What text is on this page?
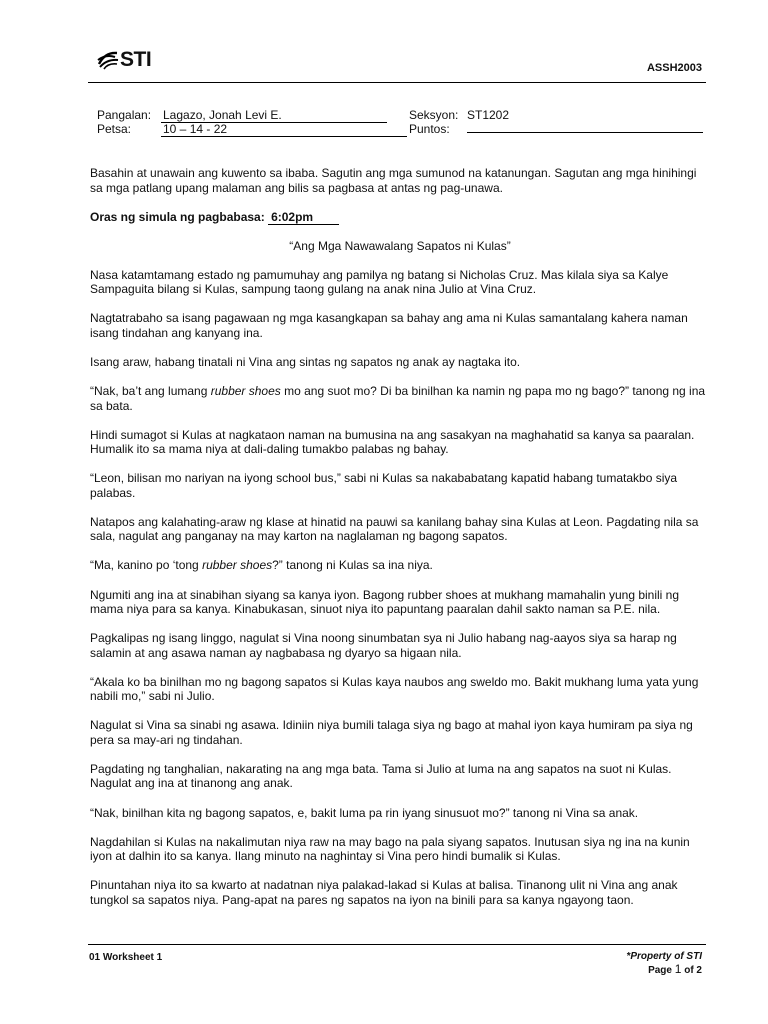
STI	ASSH2003
Pangalan: Lagazo, Jonah Levi E.
Petsa:	10 – 14 - 22
Seksyon: ST1202
Puntos:

Basahin at unawain ang kuwento sa ibaba. Sagutin ang mga sumunod na katanungan. Sagutan ang mga hinihingi sa mga patlang upang malaman ang bilis sa pagbasa at antas ng pag-unawa.

Oras ng simula ng pagbabasa: 6:02pm

“Ang Mga Nawawalang Sapatos ni Kulas”

Nasa katamtamang estado ng pamumuhay ang pamilya ng batang si Nicholas Cruz. Mas kilala siya sa Kalye Sampaguita bilang si Kulas, sampung taong gulang na anak nina Julio at Vina Cruz.

Nagtatrabaho sa isang pagawaan ng mga kasangkapan sa bahay ang ama ni Kulas samantalang kahera naman isang tindahan ang kanyang ina.

Isang araw, habang tinatali ni Vina ang sintas ng sapatos ng anak ay nagtaka ito.

“Nak, ba’t ang lumang rubber shoes mo ang suot mo? Di ba binilhan ka namin ng papa mo ng bago?” tanong ng ina sa bata.

Hindi sumagot si Kulas at nagkataon naman na bumusina na ang sasakyan na maghahatid sa kanya sa paaralan. Humalik ito sa mama niya at dali-daling tumakbo palabas ng bahay.

“Leon, bilisan mo nariyan na iyong school bus,” sabi ni Kulas sa nakababatang kapatid habang tumatakbo siya palabas.

Natapos ang kalahating-araw ng klase at hinatid na pauwi sa kanilang bahay sina Kulas at Leon. Pagdating nila sa sala, nagulat ang panganay na may karton na naglalaman ng bagong sapatos.

“Ma, kanino po ‘tong rubber shoes?” tanong ni Kulas sa ina niya.

Ngumiti ang ina at sinabihan siyang sa kanya iyon. Bagong rubber shoes at mukhang mamahalin yung binili ng mama niya para sa kanya. Kinabukasan, sinuot niya ito papuntang paaralan dahil sakto naman sa P.E. nila.

Pagkalipas ng isang linggo, nagulat si Vina noong sinumbatan sya ni Julio habang nag-aayos siya sa harap ng salamin at ang asawa naman ay nagbabasa ng dyaryo sa higaan nila.

“Akala ko ba binilhan mo ng bagong sapatos si Kulas kaya naubos ang sweldo mo. Bakit mukhang luma yata yung nabili mo,” sabi ni Julio.

Nagulat si Vina sa sinabi ng asawa. Idiniin niya bumili talaga siya ng bago at mahal iyon kaya humiram pa siya ng pera sa may-ari ng tindahan.

Pagdating ng tanghalian, nakarating na ang mga bata. Tama si Julio at luma na ang sapatos na suot ni Kulas. Nagulat ang ina at tinanong ang anak.

“Nak, binilhan kita ng bagong sapatos, e, bakit luma pa rin iyang sinusuot mo?” tanong ni Vina sa anak.

Nagdahilan si Kulas na nakalimutan niya raw na may bago na pala siyang sapatos. Inutusan siya ng ina na kunin iyon at dalhin ito sa kanya. Ilang minuto na naghintay si Vina pero hindi bumalik si Kulas.

Pinuntahan niya ito sa kwarto at nadatnan niya palakad-lakad si Kulas at balisa. Tinanong ulit ni Vina ang anak tungkol sa sapatos niya. Pang-apat na pares ng sapatos na iyon na binili para sa kanya ngayong taon.

01 Worksheet 1	*Property of STI
Page 1 of 2
